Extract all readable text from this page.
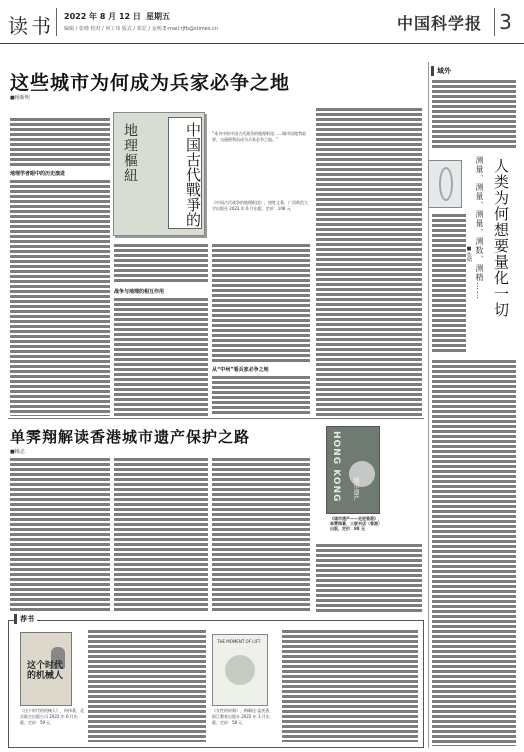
读书 2022 年 8 月 12 日 星期五
编辑 / 张晴 校对 / 何工伟 版式 / 邓宏 / 金明 E-mail:rjfb@stimes.cn	中国科学报 3
这些城市为何成为兵家必争之地
■杨新明
地理学者眼中的历史演进	地理樞紐	中国古代戰爭的
“本书中的中国古代战争的地理枢纽……城市因地势险要，交通便利而成为兵家必争之地。”
《中国古代战争的地理枢纽》，饶胜文著，广西师范大学出版社 2022 年 6 月出版，定价：108 元
战争与地理的相互作用
从“中州”看兵家必争之地
单霁翔解读香港城市遗产保护之路
■杨志	HONG KONG 城市遗产
《城市遗产——走进香港》，单霁翔著，三联书店（香港）出版，定价：88 元
域外
人类为何想要量化一切
测量、测量、测量、测数、测精……
■张晴
荐书
这个时代的机械人
《这个时代的机械人》，何伟著，北京联合出版公司 2022 年 6 月出版，定价：59 元
THE MOMENT OF LIFT
《女性的时刻》，梅琳达·盖茨著，浙江教育出版社 2022 年 3 月出版，定价：58 元
